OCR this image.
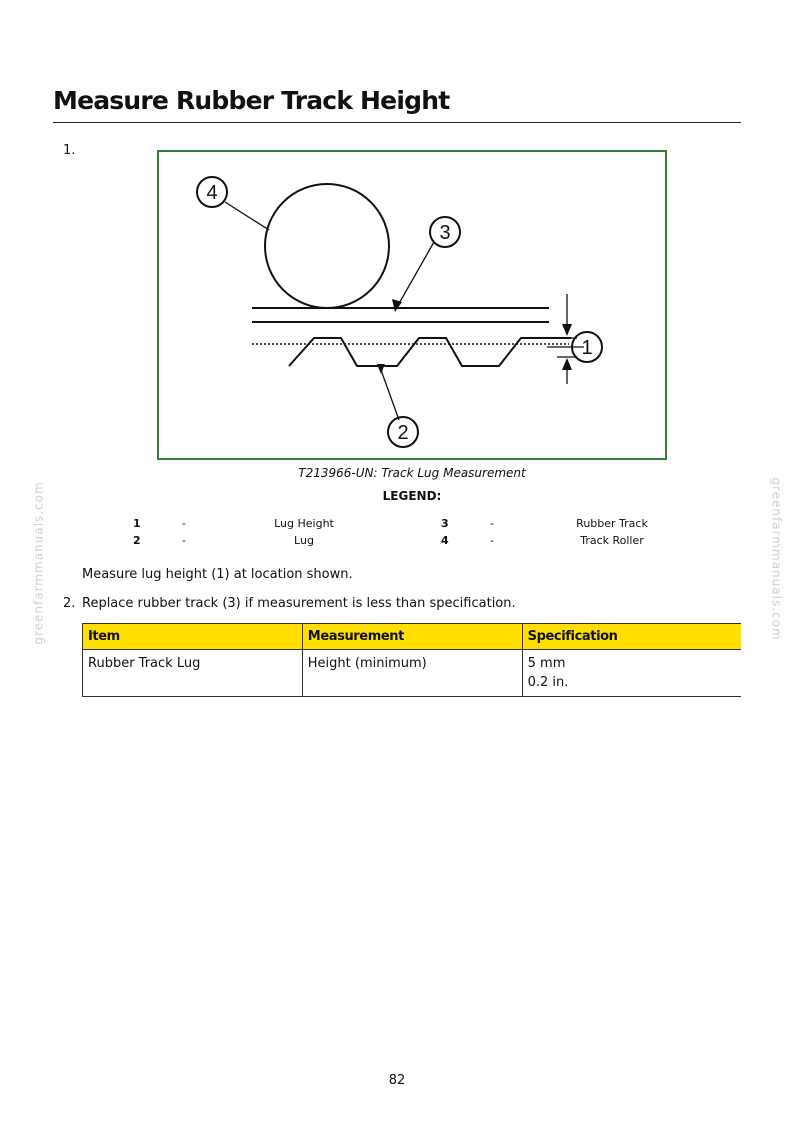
Measure Rubber Track Height
1.
4
3
2
1
T213966-UN: Track Lug Measurement
LEGEND:
1	-	Lug Height	3	-	Rubber Track
2	-	Lug	4	-	Track Roller
Measure lug height (1) at location shown.
2. Replace rubber track (3) if measurement is less than specification.
Item	Measurement	Specification
Rubber Track Lug	Height (minimum)	5 mm
0.2 in.
82
greenfarmmanuals.com	greenfarmmanuals.com
